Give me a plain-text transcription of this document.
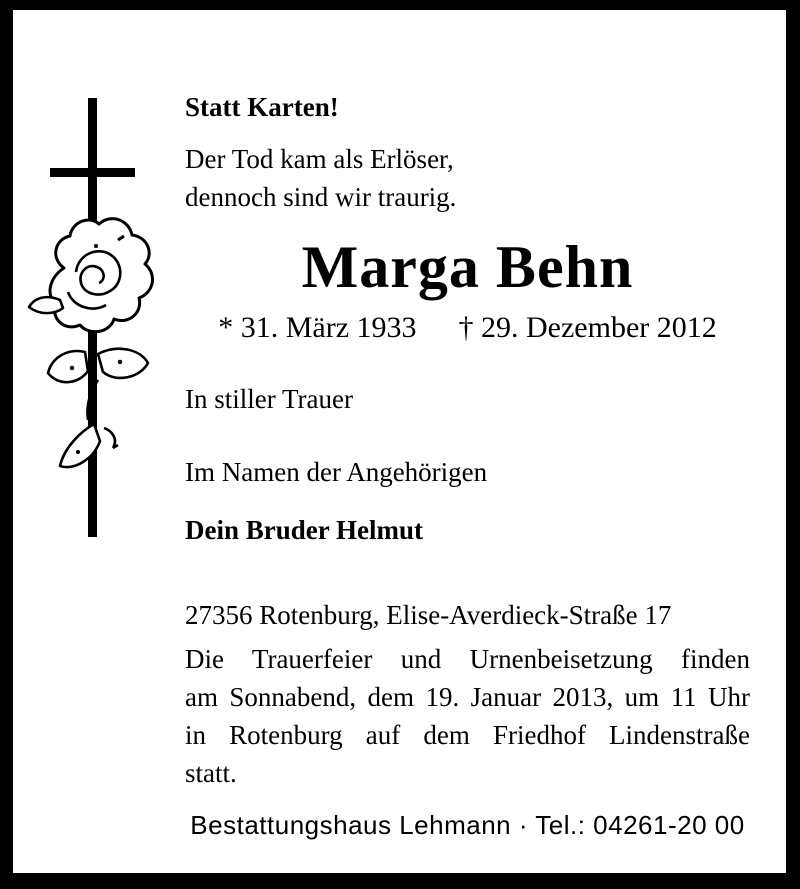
Statt Karten!
Der Tod kam als Erlöser,
dennoch sind wir traurig.
Marga Behn
* 31. März 1933 † 29. Dezember 2012
In stiller Trauer
Im Namen der Angehörigen
Dein Bruder Helmut
27356 Rotenburg, Elise-Averdieck-Straße 17
Die Trauerfeier und Urnenbeisetzung finden
am Sonnabend, dem 19. Januar 2013, um 11 Uhr
in Rotenburg auf dem Friedhof Lindenstraße
statt.
Bestattungshaus Lehmann · Tel.: 04261-20 00
